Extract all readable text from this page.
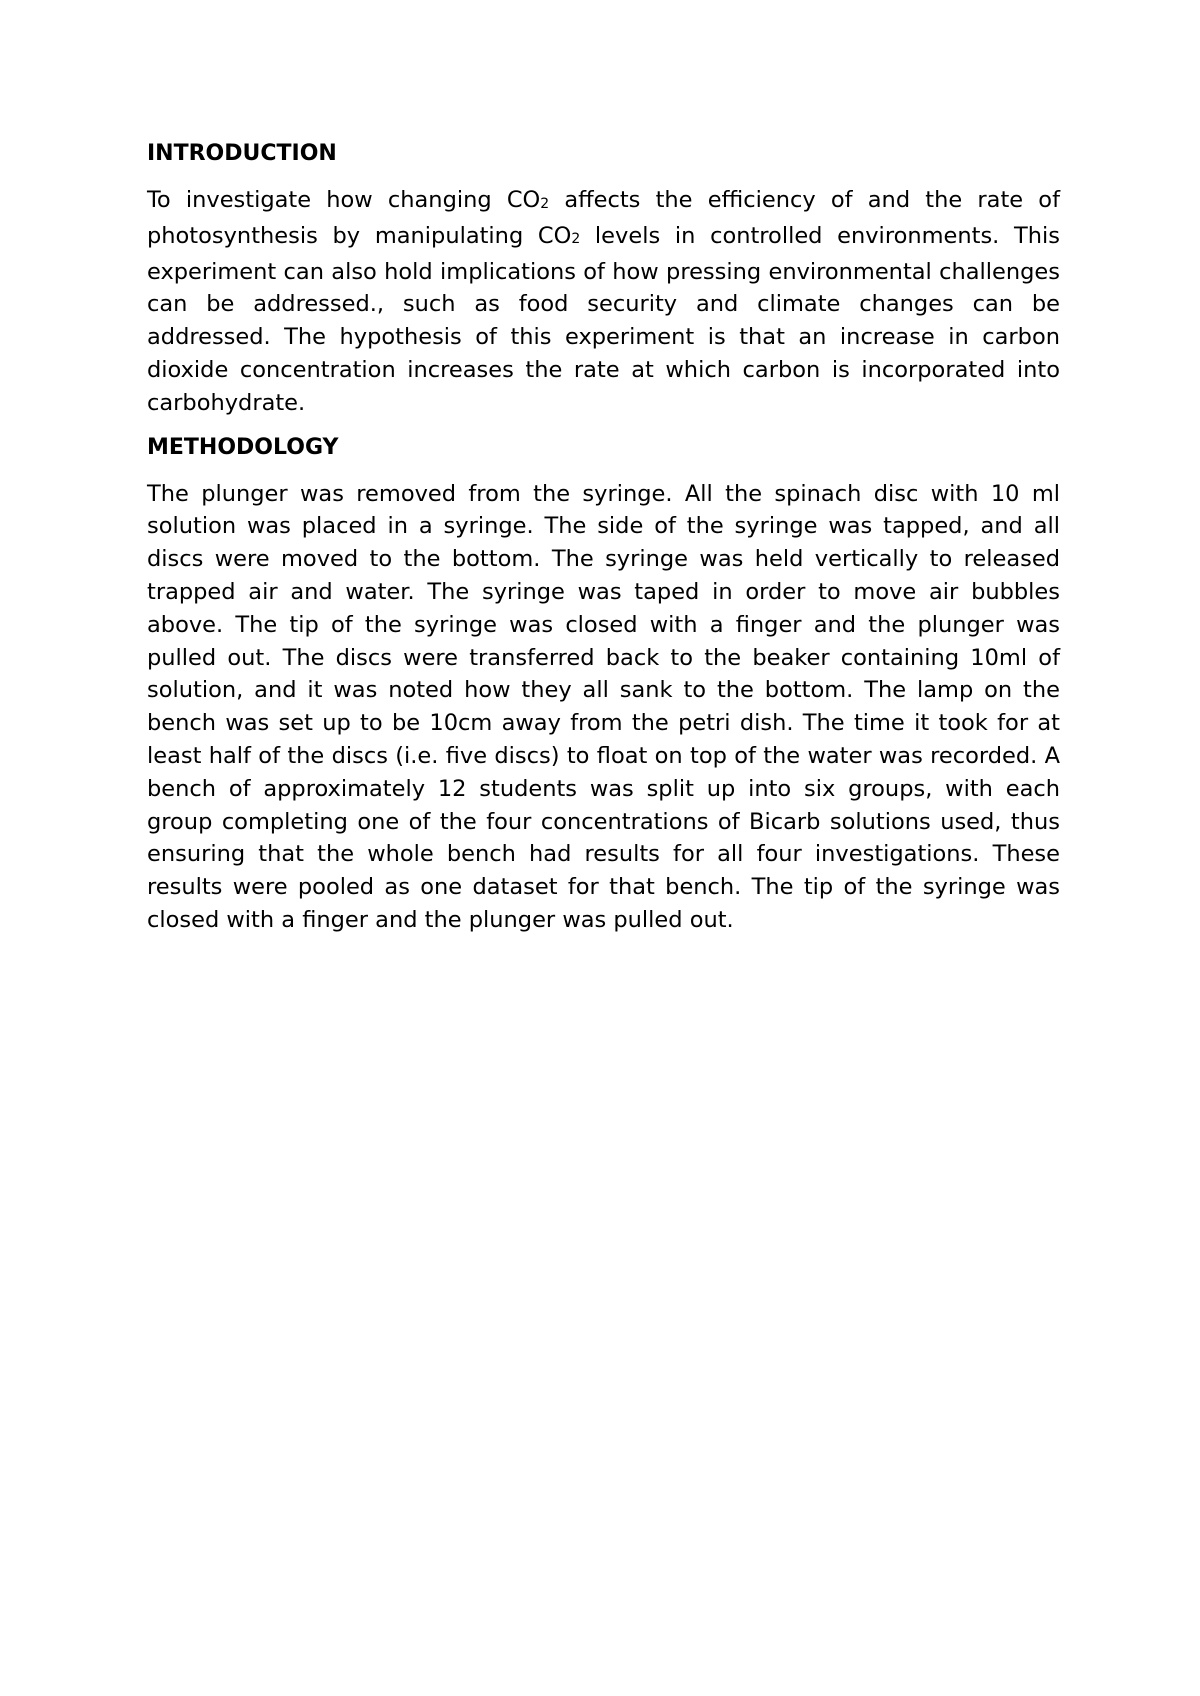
INTRODUCTION

To investigate how changing CO2 affects the efficiency of and the rate of photosynthesis by manipulating CO2 levels in controlled environments. This experiment can also hold implications of how pressing environmental challenges can be addressed., such as food security and climate changes can be addressed. The hypothesis of this experiment is that an increase in carbon dioxide concentration increases the rate at which carbon is incorporated into carbohydrate.

METHODOLOGY

The plunger was removed from the syringe. All the spinach disc with 10 ml solution was placed in a syringe. The side of the syringe was tapped, and all discs were moved to the bottom. The syringe was held vertically to released trapped air and water. The syringe was taped in order to move air bubbles above. The tip of the syringe was closed with a finger and the plunger was pulled out. The discs were transferred back to the beaker containing 10ml of solution, and it was noted how they all sank to the bottom. The lamp on the bench was set up to be 10cm away from the petri dish. The time it took for at least half of the discs (i.e. five discs) to float on top of the water was recorded. A bench of approximately 12 students was split up into six groups, with each group completing one of the four concentrations of Bicarb solutions used, thus ensuring that the whole bench had results for all four investigations. These results were pooled as one dataset for that bench. The tip of the syringe was closed with a finger and the plunger was pulled out.
